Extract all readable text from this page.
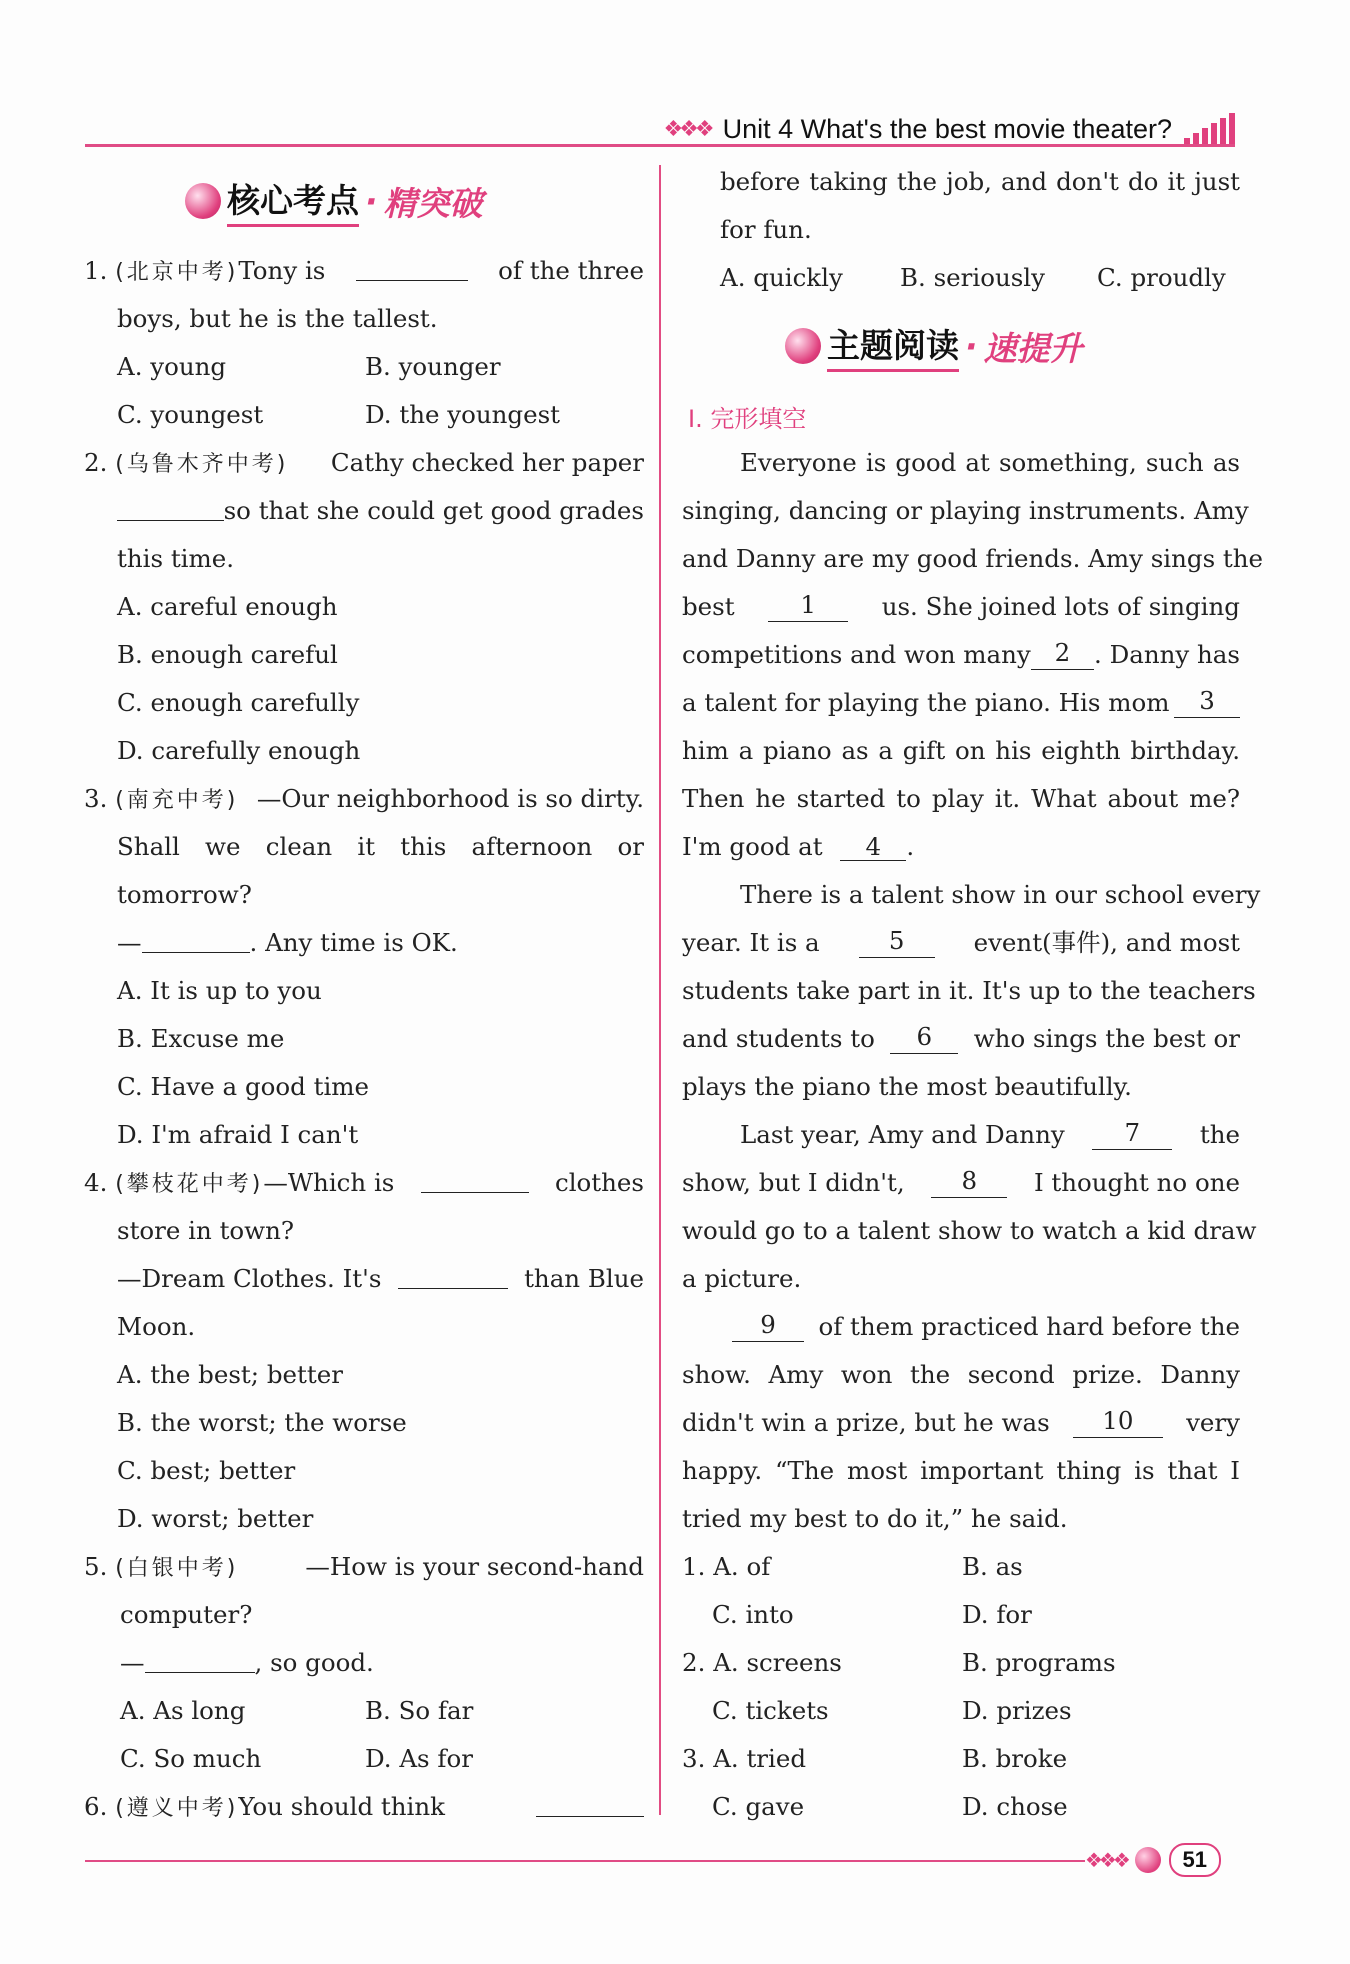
❖❖❖ Unit 4 What's the best movie theater?
核心考点 · 精突破
1. (北京中考)Tony is	of the three
boys, but he is the tallest.
A. young	B. younger
C. youngest	D. the youngest
2. (乌鲁木齐中考) Cathy checked her paper
so that she could get good grades
this time.
A. careful enough
B. enough careful
C. enough carefully
D. carefully enough
3. (南充中考) —Our neighborhood is so dirty.
Shall we clean it this afternoon or
tomorrow?
—	. Any time is OK.
A. It is up to you
B. Excuse me
C. Have a good time
D. I'm afraid I can't
4. (攀枝花中考)—Which is	clothes
store in town?
—Dream Clothes. It's	than Blue
Moon.
A. the best; better
B. the worst; the worse
C. best; better
D. worst; better
5. (白银中考)	—How is your second-hand
computer?
—	, so good.
A. As long	B. So far
C. So much	D. As for
6. (遵义中考)You should think
before taking the job, and don't do it just
for fun.
A. quickly B. seriously C. proudly
主题阅读 · 速提升
Ⅰ. 完形填空
Everyone is good at something, such as
singing, dancing or playing instruments. Amy
and Danny are my good friends. Amy sings the
best	1	us. She joined lots of singing
competitions and won many 2 . Danny has
a talent for playing the piano. His mom	3
him a piano as a gift on his eighth birthday.
Then he started to play it. What about me?
I'm good at 4 .
There is a talent show in our school every
year. It is a	5	event(事件), and most
students take part in it. It's up to the teachers
and students to	6	who sings the best or
plays the piano the most beautifully.
Last year, Amy and Danny	7	the
show, but I didn't,	8	I thought no one
would go to a talent show to watch a kid draw
a picture.
9	of them practiced hard before the
show. Amy won the second prize. Danny
didn't win a prize, but he was	10	very
happy. “The most important thing is that I
tried my best to do it,” he said.
1. A. of	B. as
C. into	D. for
2. A. screens	B. programs
C. tickets	D. prizes
3. A. tried	B. broke
C. gave	D. chose
❖❖❖	51
